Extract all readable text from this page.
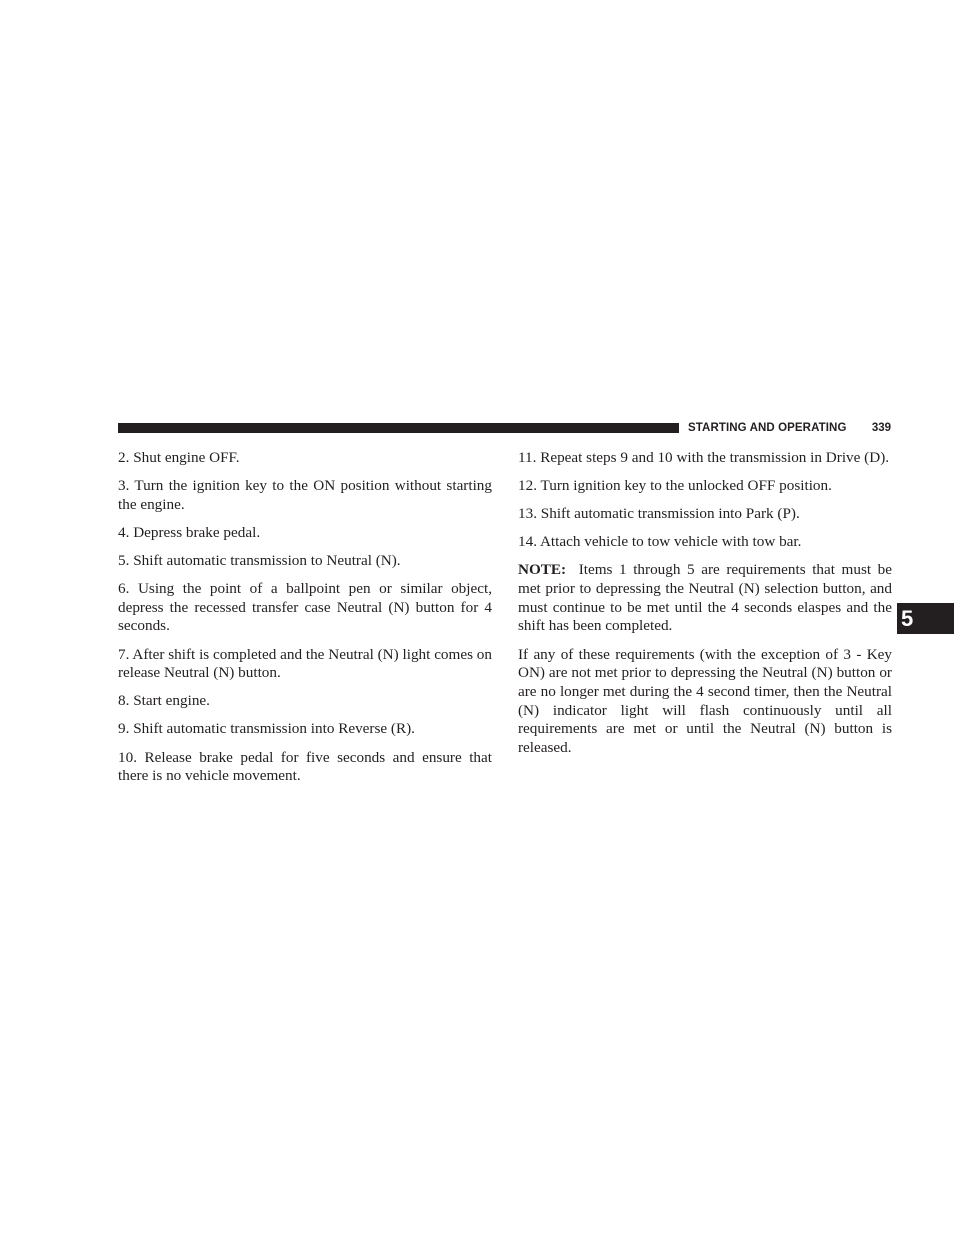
STARTING AND OPERATING 339
5

2. Shut engine OFF.

3. Turn the ignition key to the ON position without starting the engine.

4. Depress brake pedal.

5. Shift automatic transmission to Neutral (N).

6. Using the point of a ballpoint pen or similar object, depress the recessed transfer case Neutral (N) button for 4 seconds.

7. After shift is completed and the Neutral (N) light comes on release Neutral (N) button.

8. Start engine.

9. Shift automatic transmission into Reverse (R).

10. Release brake pedal for five seconds and ensure that there is no vehicle movement.

11. Repeat steps 9 and 10 with the transmission in Drive (D).

12. Turn ignition key to the unlocked OFF position.

13. Shift automatic transmission into Park (P).

14. Attach vehicle to tow vehicle with tow bar.

NOTE: Items 1 through 5 are requirements that must be met prior to depressing the Neutral (N) selection button, and must continue to be met until the 4 seconds elaspes and the shift has been completed.

If any of these requirements (with the exception of 3 - Key ON) are not met prior to depressing the Neutral (N) button or are no longer met during the 4 second timer, then the Neutral (N) indicator light will flash continuously until all requirements are met or until the Neutral (N) button is released.
